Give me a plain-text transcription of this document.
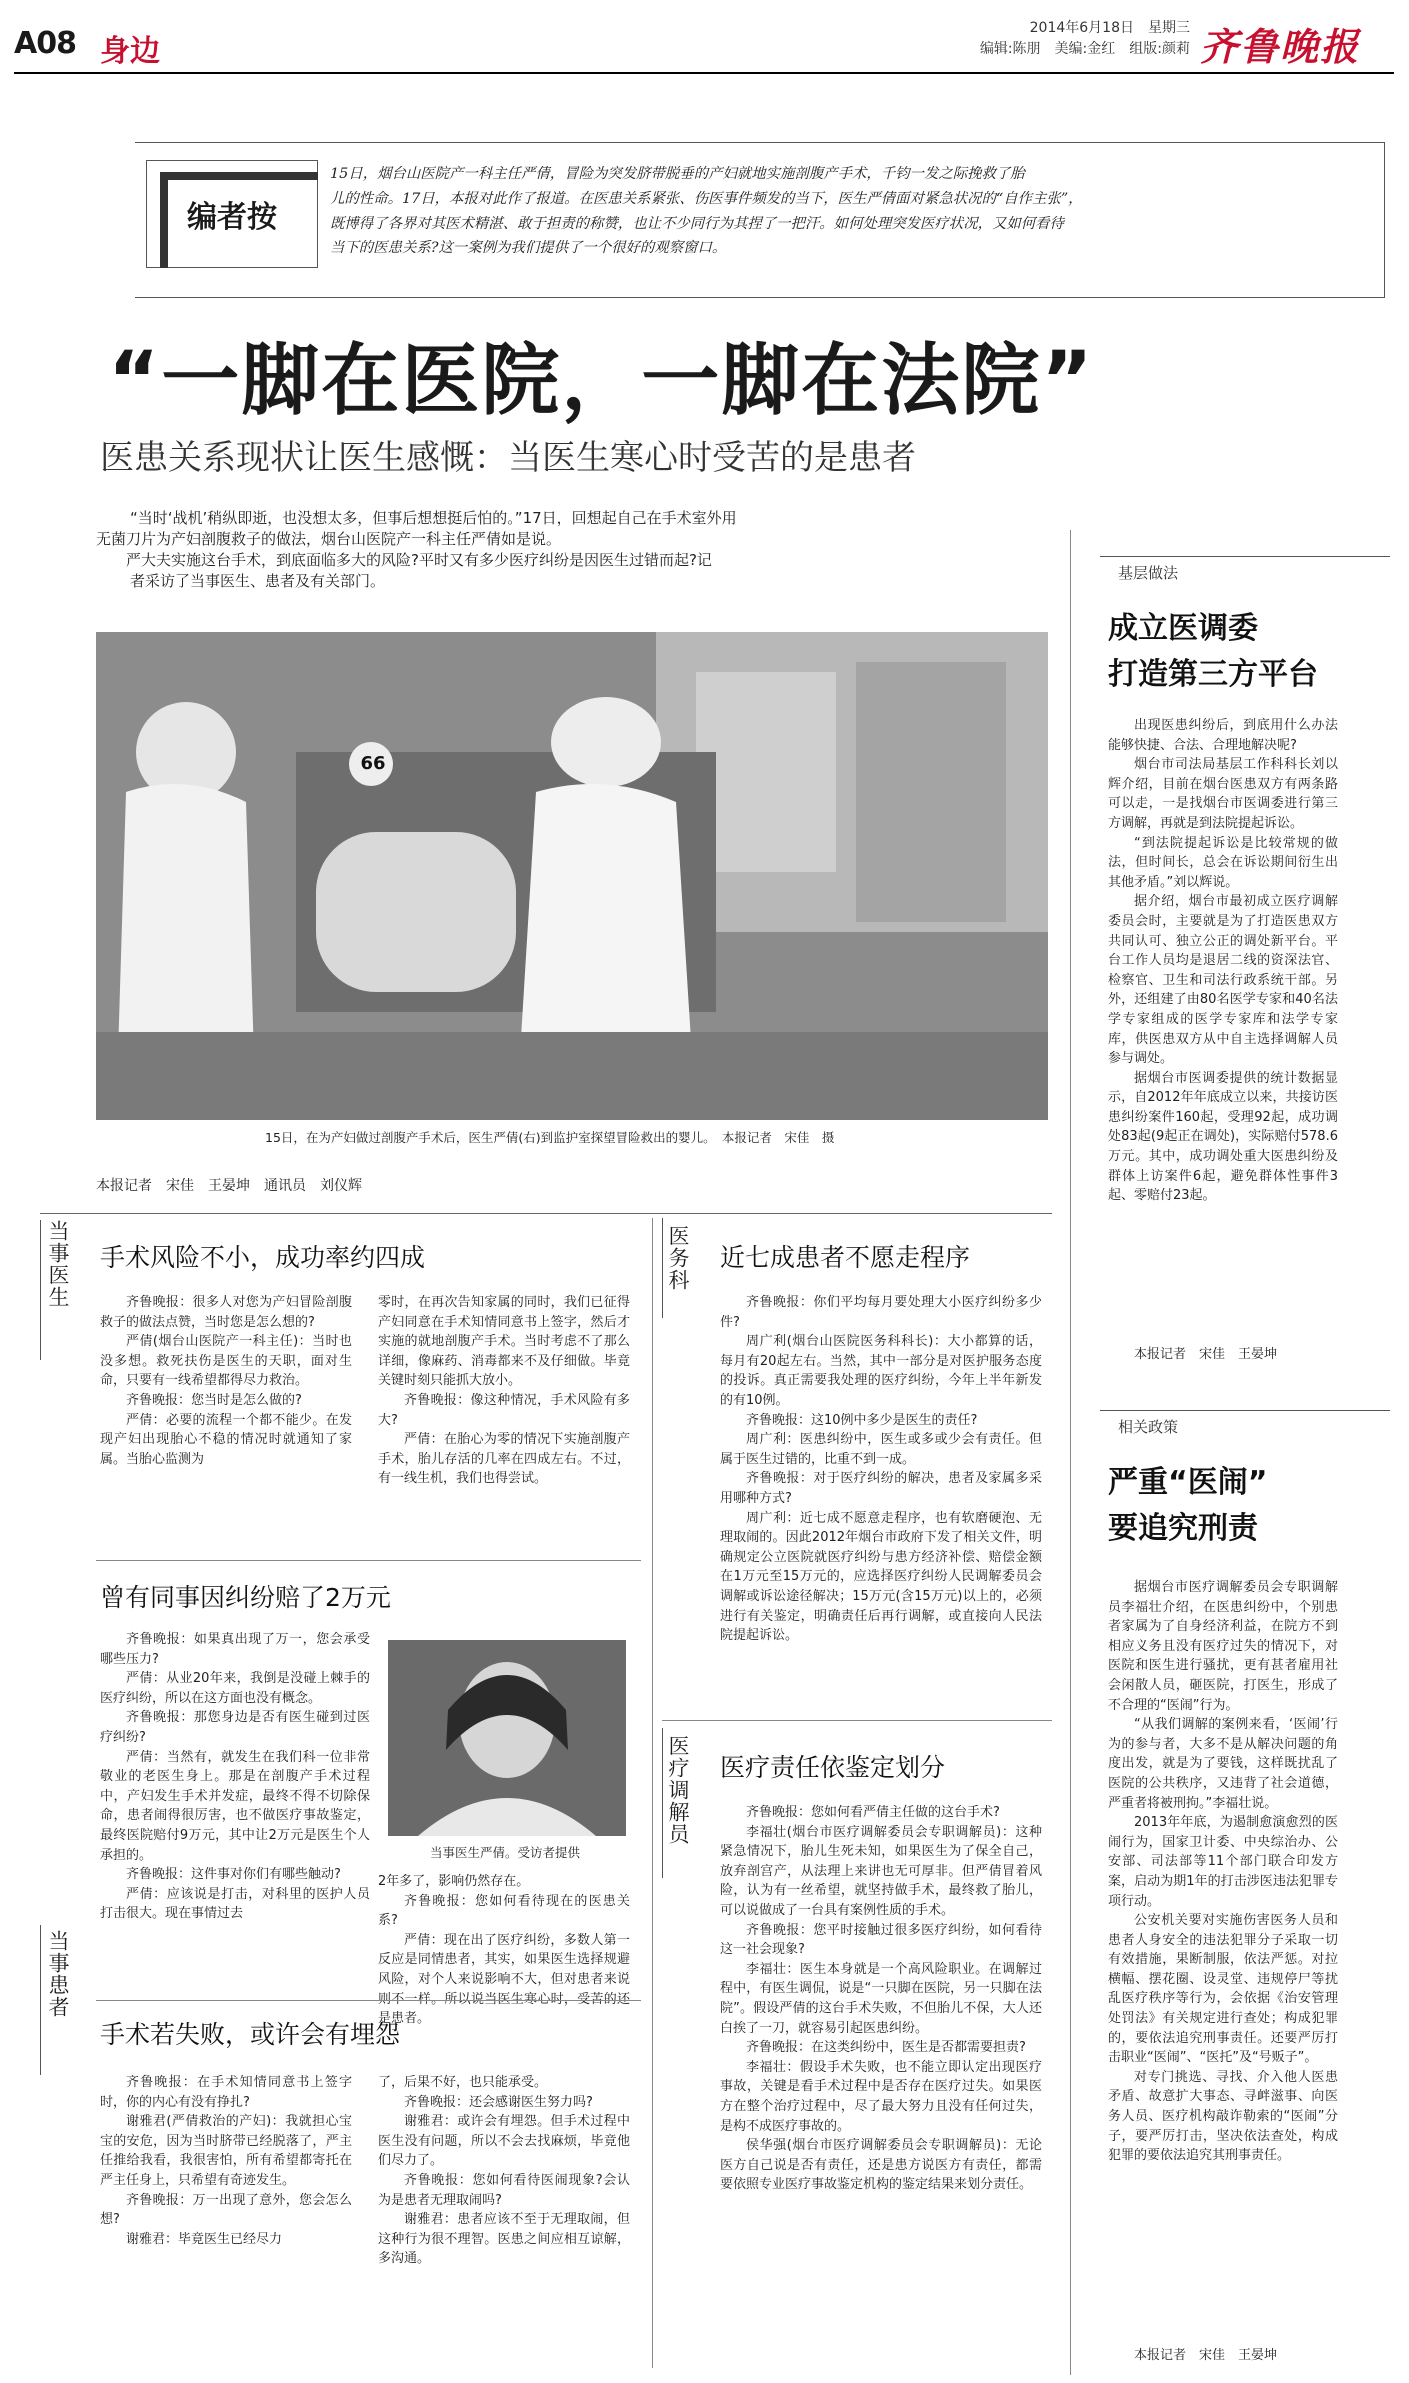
A08 身边
2014年6月18日　星期三
编辑:陈朋　美编:金红　组版:颜莉 齐鲁晚报
编者按
15日，烟台山医院产一科主任严倩，冒险为突发脐带脱垂的产妇就地实施剖腹产手术，千钧一发之际挽救了胎
儿的性命。17日，本报对此作了报道。在医患关系紧张、伤医事件频发的当下，医生严倩面对紧急状况的“自作主张”，
既博得了各界对其医术精湛、敢于担责的称赞，也让不少同行为其捏了一把汗。如何处理突发医疗状况，又如何看待
当下的医患关系?这一案例为我们提供了一个很好的观察窗口。
“一脚在医院，一脚在法院”
医患关系现状让医生感慨：当医生寒心时受苦的是患者
“当时‘战机’稍纵即逝，也没想太多，但事后想想挺后怕的。”17日，回想起自己在手术室外用
无菌刀片为产妇剖腹救子的做法，烟台山医院产一科主任严倩如是说。
　　严大夫实施这台手术，到底面临多大的风险?平时又有多少医疗纠纷是因医生过错而起?记
者采访了当事医生、患者及有关部门。
66
15日，在为产妇做过剖腹产手术后，医生严倩(右)到监护室探望冒险救出的婴儿。　本报记者　宋佳　摄
本报记者　宋佳　王晏坤　通讯员　刘仪辉
当事医生	医务科
医疗调解员
当事患者
手术风险不小，成功率约四成

齐鲁晚报：很多人对您为产妇冒险剖腹救子的做法点赞，当时您是怎么想的?

严倩(烟台山医院产一科主任)：当时也没多想。救死扶伤是医生的天职，面对生命，只要有一线希望都得尽力救治。

齐鲁晚报：您当时是怎么做的?

严倩：必要的流程一个都不能少。在发现产妇出现胎心不稳的情况时就通知了家属。当胎心监测为

零时，在再次告知家属的同时，我们已征得产妇同意在手术知情同意书上签字，然后才实施的就地剖腹产手术。当时考虑不了那么详细，像麻药、消毒都来不及仔细做。毕竟关键时刻只能抓大放小。

齐鲁晚报：像这种情况，手术风险有多大?

严倩：在胎心为零的情况下实施剖腹产手术，胎儿存活的几率在四成左右。不过，有一线生机，我们也得尝试。

曾有同事因纠纷赔了2万元

齐鲁晚报：如果真出现了万一，您会承受哪些压力?

严倩：从业20年来，我倒是没碰上棘手的医疗纠纷，所以在这方面也没有概念。

齐鲁晚报：那您身边是否有医生碰到过医疗纠纷?

严倩：当然有，就发生在我们科一位非常敬业的老医生身上。那是在剖腹产手术过程中，产妇发生手术并发症，最终不得不切除保命，患者闹得很厉害，也不做医疗事故鉴定，最终医院赔付9万元，其中让2万元是医生个人承担的。

齐鲁晚报：这件事对你们有哪些触动?

严倩：应该说是打击，对科里的医护人员打击很大。现在事情过去

当事医生严倩。受访者提供

2年多了，影响仍然存在。

齐鲁晚报：您如何看待现在的医患关系?

严倩：现在出了医疗纠纷，多数人第一反应是同情患者，其实，如果医生选择规避风险，对个人来说影响不大，但对患者来说 是患者。

手术若失败，或许会有埋怨

齐鲁晚报：在手术知情同意书上签字时，你的内心有没有挣扎?

谢雅君(严倩救治的产妇)：我就担心宝宝的安危，因为当时脐带已经脱落了，严主任推给我看，我很害怕，所有希望都寄托在严主任身上，只希望有奇迹发生。

齐鲁晚报：万一出现了意外，您会怎么想?

谢雅君：毕竟医生已经尽力

了，后果不好，也只能承受。

齐鲁晚报：还会感谢医生努力吗?

谢雅君：或许会有埋怨。但手术过程中医生没有问题，所以不会去找麻烦，毕竟他们尽力了。

齐鲁晚报：您如何看待医闹现象?会认为是患者无理取闹吗?

谢雅君：患者应该不至于无理取闹，但这种行为很不理智。医患之间应相互谅解，多沟通。

近七成患者不愿走程序

齐鲁晚报：你们平均每月要处理大小医疗纠纷多少件?

周广利(烟台山医院医务科科长)：大小都算的话，每月有20起左右。当然，其中一部分是对医护服务态度的投诉。真正需要我处理的医疗纠纷，今年上半年新发的有10例。

齐鲁晚报：这10例中多少是医生的责任?

周广利：医患纠纷中，医生或多或少会有责任。但属于医生过错的，比重不到一成。

齐鲁晚报：对于医疗纠纷的解决，患者及家属多采用哪种方式?

周广利：近七成不愿意走程序，也有软磨硬泡、无理取闹的。因此2012年烟台市政府下发了相关文件，明确规定公立医院就医疗纠纷与患方经济补偿、赔偿金额在1万元至15万元的，应选择医疗纠纷人民调解委员会调解或诉讼途径解决；15万元(含15万元)以上的，必须进行有关鉴定，明确责任后再行调解，或直接向人民法院提起诉讼。

医疗责任依鉴定划分

齐鲁晚报：您如何看严倩主任做的这台手术?

李福壮(烟台市医疗调解委员会专职调解员)：这种紧急情况下，胎儿生死未知，如果医生为了保全自己，放弃剖宫产，从法理上来讲也无可厚非。但严倩冒着风险，认为有一丝希望，就坚持做手术，最终救了胎儿，可以说做成了一台具有案例性质的手术。

齐鲁晚报：您平时接触过很多医疗纠纷，如何看待这一社会现象?

李福壮：医生本身就是一个高风险职业。在调解过程中，有医生调侃，说是“一只脚在医院，另一只脚在法院”。假设严倩的这台手术失败，不但胎儿不保，大人还白挨了一刀，就容易引起医患纠纷。

齐鲁晚报：在这类纠纷中，医生是否都需要担责?

李福壮：假设手术失败，也不能立即认定出现医疗事故，关键是看手术过程中是否存在医疗过失。如果医方在整个治疗过程中，尽了最大努力且没有任何过失，是构不成医疗事故的。

侯华强(烟台市医疗调解委员会专职调解员)：无论医方自己说是否有责任，还是患方说医方有责任，都需要依照专业医疗事故鉴定机构的鉴定结果来划分责任。

基层做法
成立医调委
打造第三方平台

出现医患纠纷后，到底用什么办法能够快捷、合法、合理地解决呢?

烟台市司法局基层工作科科长刘以辉介绍，目前在烟台医患双方有两条路可以走，一是找烟台市医调委进行第三方调解，再就是到法院提起诉讼。

“到法院提起诉讼是比较常规的做法，但时间长，总会在诉讼期间衍生出其他矛盾。”刘以辉说。

据介绍，烟台市最初成立医疗调解委员会时，主要就是为了打造医患双方共同认可、独立公正的调处新平台。平台工作人员均是退居二线的资深法官、检察官、卫生和司法行政系统干部。另外，还组建了由80名医学专家和40名法学专家组成的医学专家库和法学专家库，供医患双方从中自主选择调解人员参与调处。

据烟台市医调委提供的统计数据显示，自2012年年底成立以来，共接访医患纠纷案件160起，受理92起，成功调处83起(9起正在调处)，实际赔付578.6万元。其中，成功调处重大医患纠纷及群体上访案件6起，避免群体性事件3起、零赔付23起。

本报记者　宋佳　王晏坤
相关政策
严重“医闹”
要追究刑责

据烟台市医疗调解委员会专职调解员李福壮介绍，在医患纠纷中，个别患者家属为了自身经济利益，在院方不到相应义务且没有医疗过失的情况下，对医院和医生进行骚扰，更有甚者雇用社会闲散人员，砸医院，打医生，形成了不合理的“医闹”行为。

“从我们调解的案例来看，‘医闹’行为的参与者，大多不是从解决问题的角度出发，就是为了要钱，这样既扰乱了医院的公共秩序，又违背了社会道德，严重者将被刑拘。”李福壮说。

2013年年底，为遏制愈演愈烈的医闹行为，国家卫计委、中央综治办、公安部、司法部等11个部门联合印发方案，启动为期1年的打击涉医违法犯罪专项行动。

公安机关要对实施伤害医务人员和患者人身安全的违法犯罪分子采取一切有效措施，果断制服，依法严惩。对拉横幅、摆花圈、设灵堂、违规停尸等扰乱医疗秩序等行为，会依据《治安管理处罚法》有关规定进行查处；构成犯罪的，要依法追究刑事责任。还要严厉打击职业“医闹”、“医托”及“号贩子”。

对专门挑选、寻找、介入他人医患矛盾、故意扩大事态、寻衅滋事、向医务人员、医疗机构敲诈勒索的“医闹”分子，要严厉打击，坚决依法查处，构成犯罪的要依法追究其刑事责任。

本报记者　宋佳　王晏坤
